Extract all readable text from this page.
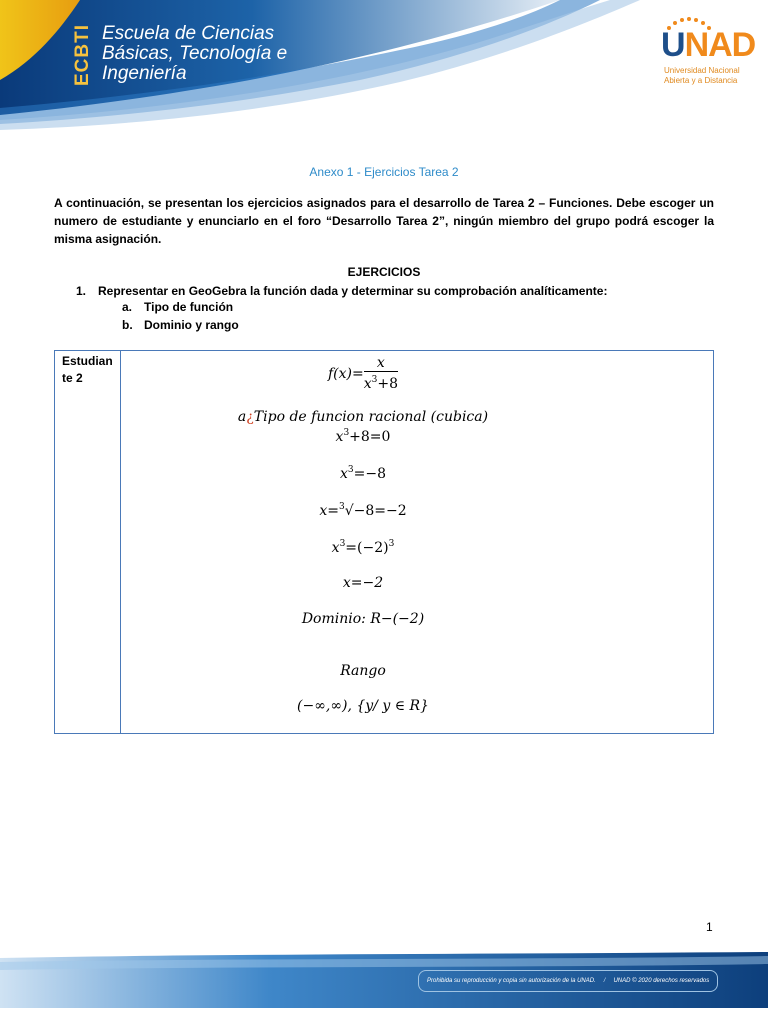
ECBTI Escuela de Ciencias
Básicas, Tecnología e
Ingeniería
UNAD
Universidad Nacional
Abierta y a Distancia
Anexo 1 - Ejercicios Tarea 2
A continuación, se presentan los ejercicios asignados para el desarrollo de Tarea 2 – Funciones. Debe escoger un numero de estudiante y enunciarlo en el foro “Desarrollo Tarea 2”, ningún miembro del grupo podrá escoger la misma asignación.
EJERCICIOS
1. Representar en GeoGebra la función dada y determinar su comprobación analíticamente:
a. Tipo de función
b. Dominio y rango
Estudian te 2	$f(x)= \frac{x}{x^3+8}$
a¿Tipo de funcion racional (cubica)
$x^3+8=0$
$x^3=-8$
x=$^3$√−8=−2
$x^3=(-2)^3$
x=−2
Dominio: R−(−2)
Rango
(−∞,∞), {y/ y ∈ R}
1
Prohibida su reproducción y copia sin autorización de la UNAD. / UNAD © 2020 derechos reservados
